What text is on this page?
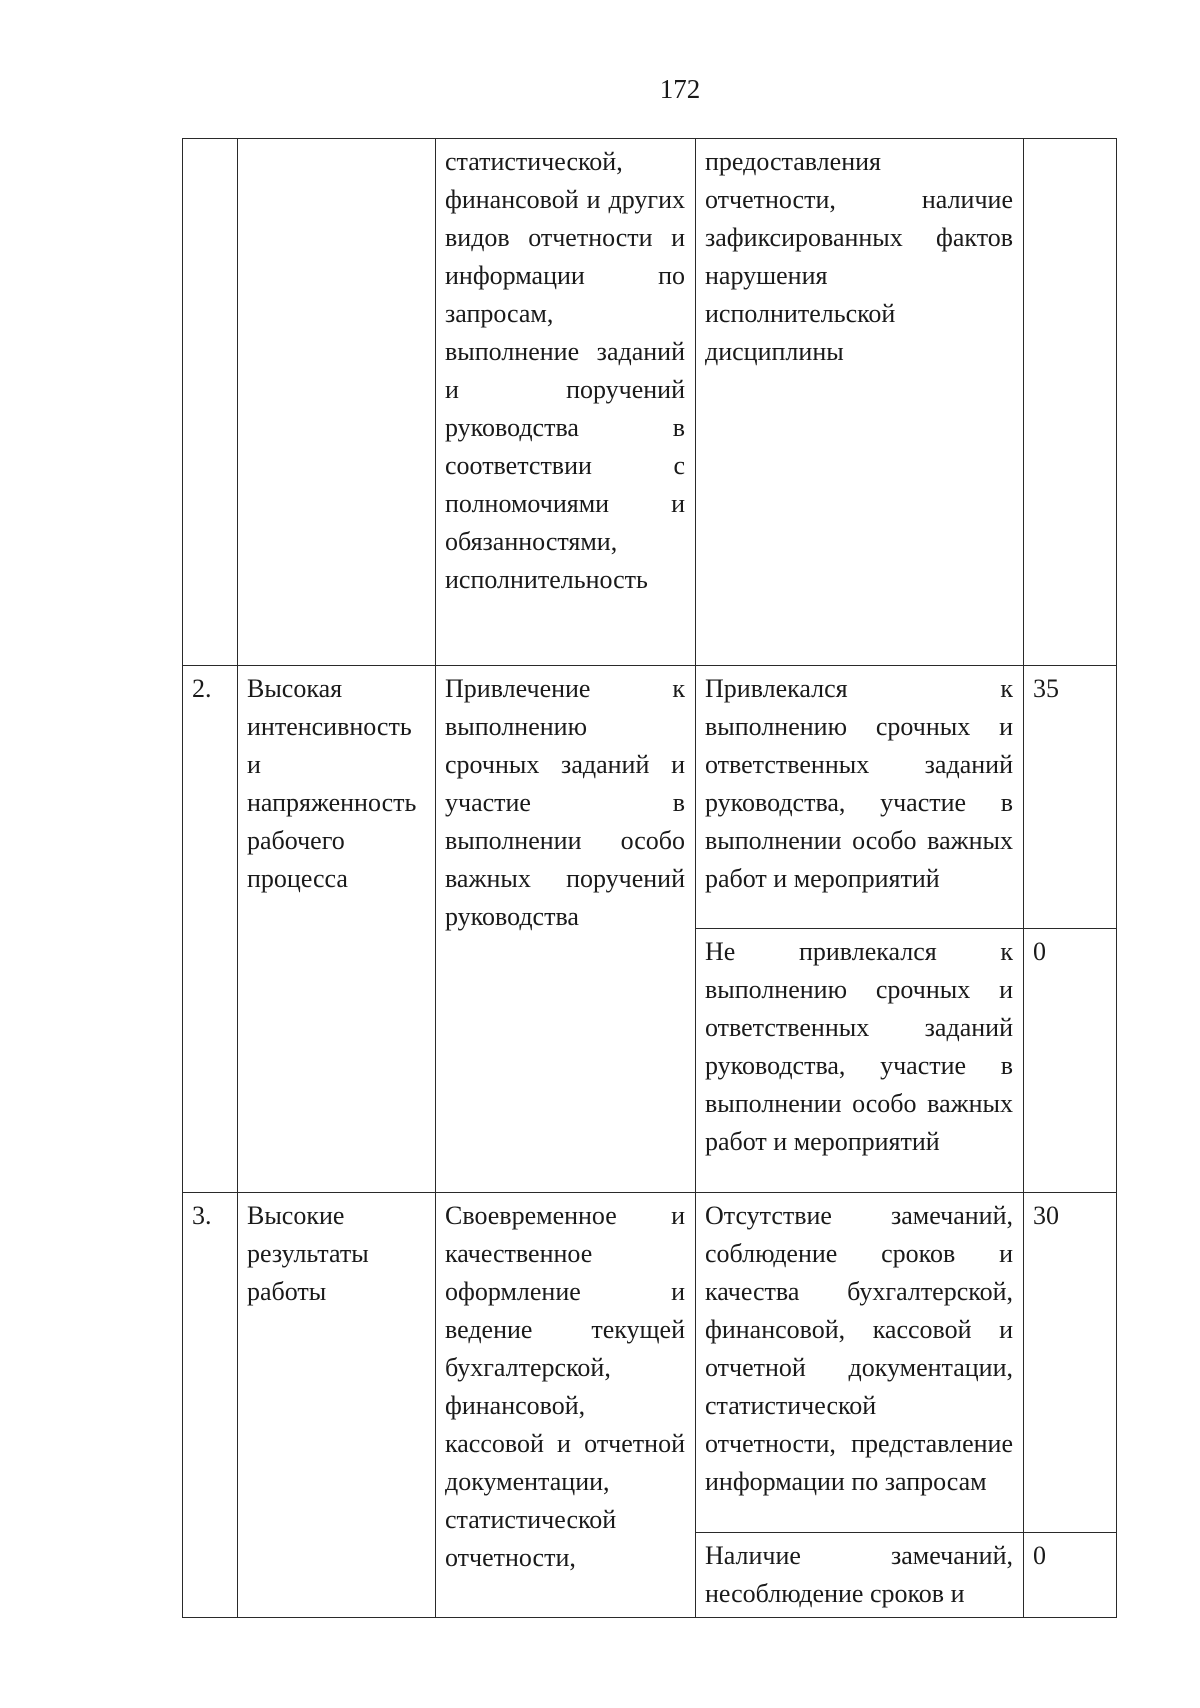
172
		статистической, финансовой и других видов отчетности и информации по запросам, выполнение заданий и поручений руководства в соответствии с полномочиями и обязанностями, исполнительность	предоставления отчетности, наличие зафиксированных фактов нарушения исполнительской дисциплины	
2.	Высокая интенсивность и напряженность рабочего процесса	Привлечение к выполнению срочных заданий и участие в выполнении особо важных поручений руководства	Привлекался к выполнению срочных и ответственных заданий руководства, участие в выполнении особо важных работ и мероприятий	35
			Не привлекался к выполнению срочных и ответственных заданий руководства, участие в выполнении особо важных работ и мероприятий	0
3.	Высокие результаты работы	Своевременное и качественное оформление и ведение текущей бухгалтерской, финансовой, кассовой и отчетной документации, статистической отчетности,	Отсутствие замечаний, соблюдение сроков и качества бухгалтерской, финансовой, кассовой и отчетной документации, статистической отчетности, представление информации по запросам	30
			Наличие замечаний, несоблюдение сроков и	0
